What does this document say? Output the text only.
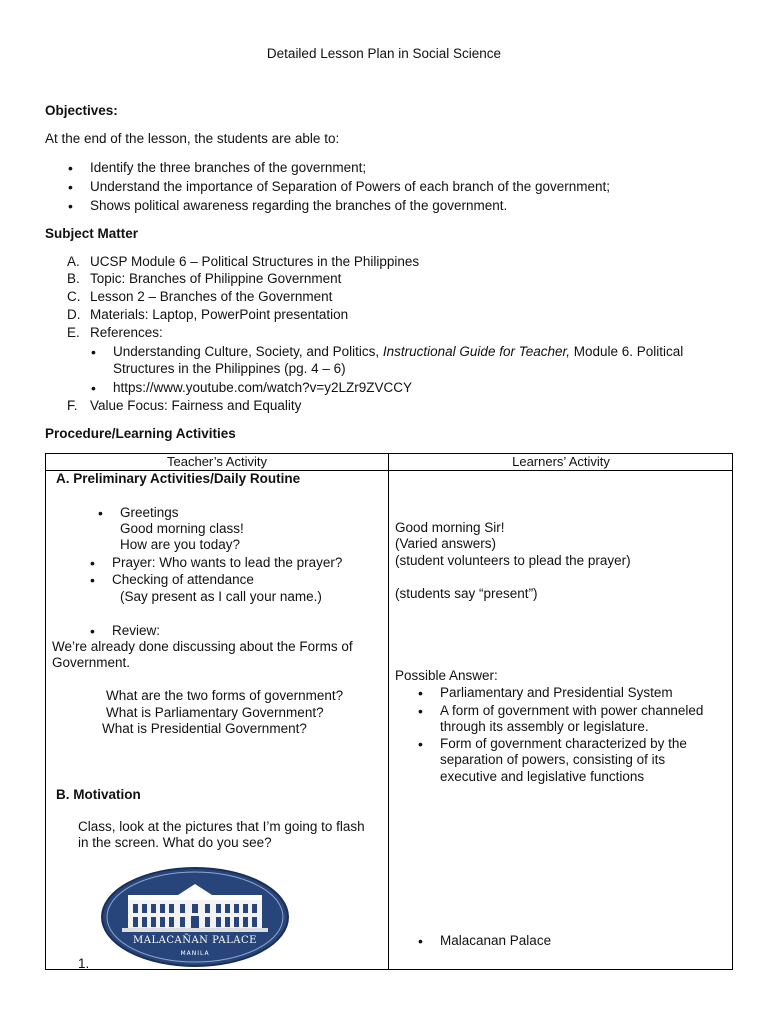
Detailed Lesson Plan in Social Science
Objectives:
At the end of the lesson, the students are able to:
• Identify the three branches of the government;
• Understand the importance of Separation of Powers of each branch of the government;
• Shows political awareness regarding the branches of the government.
Subject Matter
A. UCSP Module 6 – Political Structures in the Philippines
B. Topic: Branches of Philippine Government
C. Lesson 2 – Branches of the Government
D. Materials: Laptop, PowerPoint presentation
E. References:
• Understanding Culture, Society, and Politics, Instructional Guide for Teacher, Module 6. Political
Structures in the Philippines (pg. 4 – 6)
• https://www.youtube.com/watch?v=y2LZr9ZVCCY
F. Value Focus: Fairness and Equality
Procedure/Learning Activities
Teacher’s Activity	Learners’ Activity
A. Preliminary Activities/Daily Routine
• Greetings
Good morning class!
How are you today?
• Prayer: Who wants to lead the prayer?
• Checking of attendance
(Say present as I call your name.)
• Review:
We’re already done discussing about the Forms of
Government.
What are the two forms of government?
What is Parliamentary Government?
What is Presidential Government?
B. Motivation
Class, look at the pictures that I’m going to flash
in the screen. What do you see?
MALACAÑAN PALACE
MANILA
1.
Good morning Sir!
(Varied answers)
(student volunteers to plead the prayer)
(students say “present”)
Possible Answer:
• Parliamentary and Presidential System
• A form of government with power channeled
through its assembly or legislature.
• Form of government characterized by the
separation of powers, consisting of its
executive and legislative functions
• Malacanan Palace
